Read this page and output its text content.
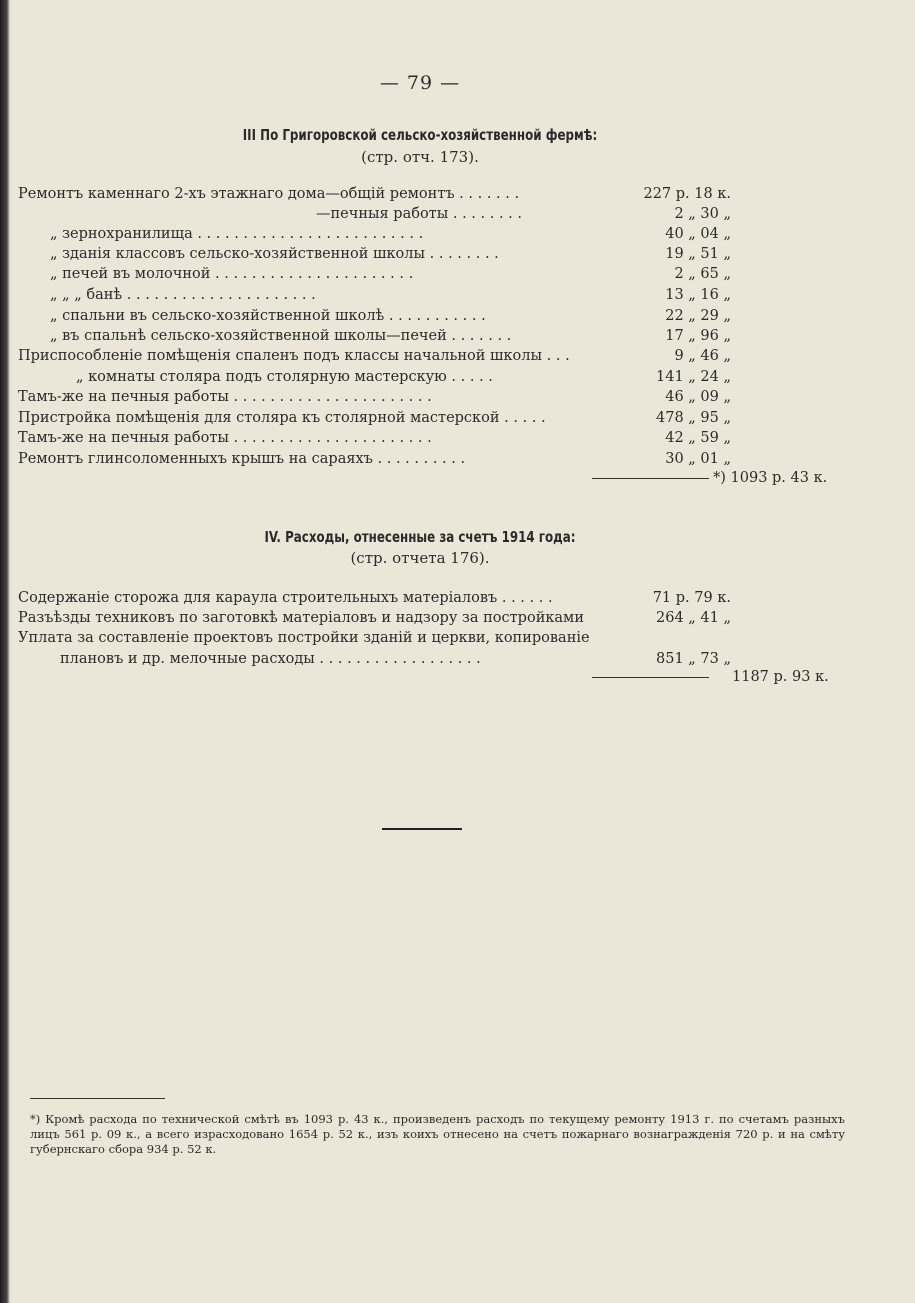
— 79 —
III По Григоровской сельско-хозяйственной фермѣ:
(стр. отч. 173).
Ремонтъ каменнаго 2-хъ этажнаго дома—общій ремонтъ . . . . . . .	227 р. 18 к.
—печныя работы . . . . . . . .	2 „ 30 „
„ зернохранилища . . . . . . . . . . . . . . . . . . . . . . . . .	40 „ 04 „
„ зданія классовъ сельско-хозяйственной школы . . . . . . . .	19 „ 51 „
„ печей въ молочной . . . . . . . . . . . . . . . . . . . . . .	2 „ 65 „
„ „ „ банѣ . . . . . . . . . . . . . . . . . . . . .	13 „ 16 „
„ спальни въ сельско-хозяйственной школѣ . . . . . . . . . . .	22 „ 29 „
„ въ спальнѣ сельско-хозяйственной школы—печей . . . . . . .	17 „ 96 „
Приспособленіе помѣщенія спаленъ подъ классы начальной школы . . .	9 „ 46 „
„ комнаты столяра подъ столярную мастерскую . . . . .	141 „ 24 „
Тамъ-же на печныя работы . . . . . . . . . . . . . . . . . . . . . .	46 „ 09 „
Пристройка помѣщенія для столяра къ столярной мастерской . . . . .	478 „ 95 „
Тамъ-же на печныя работы . . . . . . . . . . . . . . . . . . . . . .	42 „ 59 „
Ремонтъ глинсоломенныхъ крышъ на сараяхъ . . . . . . . . . .	30 „ 01 „
*) 1093 р. 43 к.
IV. Расходы, отнесенные за счетъ 1914 года:
(стр. отчета 176).
Содержаніе сторожа для караула строительныхъ матеріаловъ . . . . . .	71 р. 79 к.
Разъѣзды техниковъ по заготовкѣ матеріаловъ и надзору за постройками	264 „ 41 „
Уплата за составленіе проектовъ постройки зданій и церкви, копированіе
плановъ и др. мелочные расходы . . . . . . . . . . . . . . . . . .	851 „ 73 „
1187 р. 93 к.
*) Кромѣ расхода по технической смѣтѣ въ 1093 р. 43 к., произведенъ расходъ по текущему ремонту 1913 г. по счетамъ разныхъ лицъ 561 р. 09 к., а всего израсходовано 1654 р. 52 к., изъ коихъ отнесено на счетъ пожарнаго вознагражденія 720 р. и на смѣту губернскаго сбора 934 р. 52 к.
